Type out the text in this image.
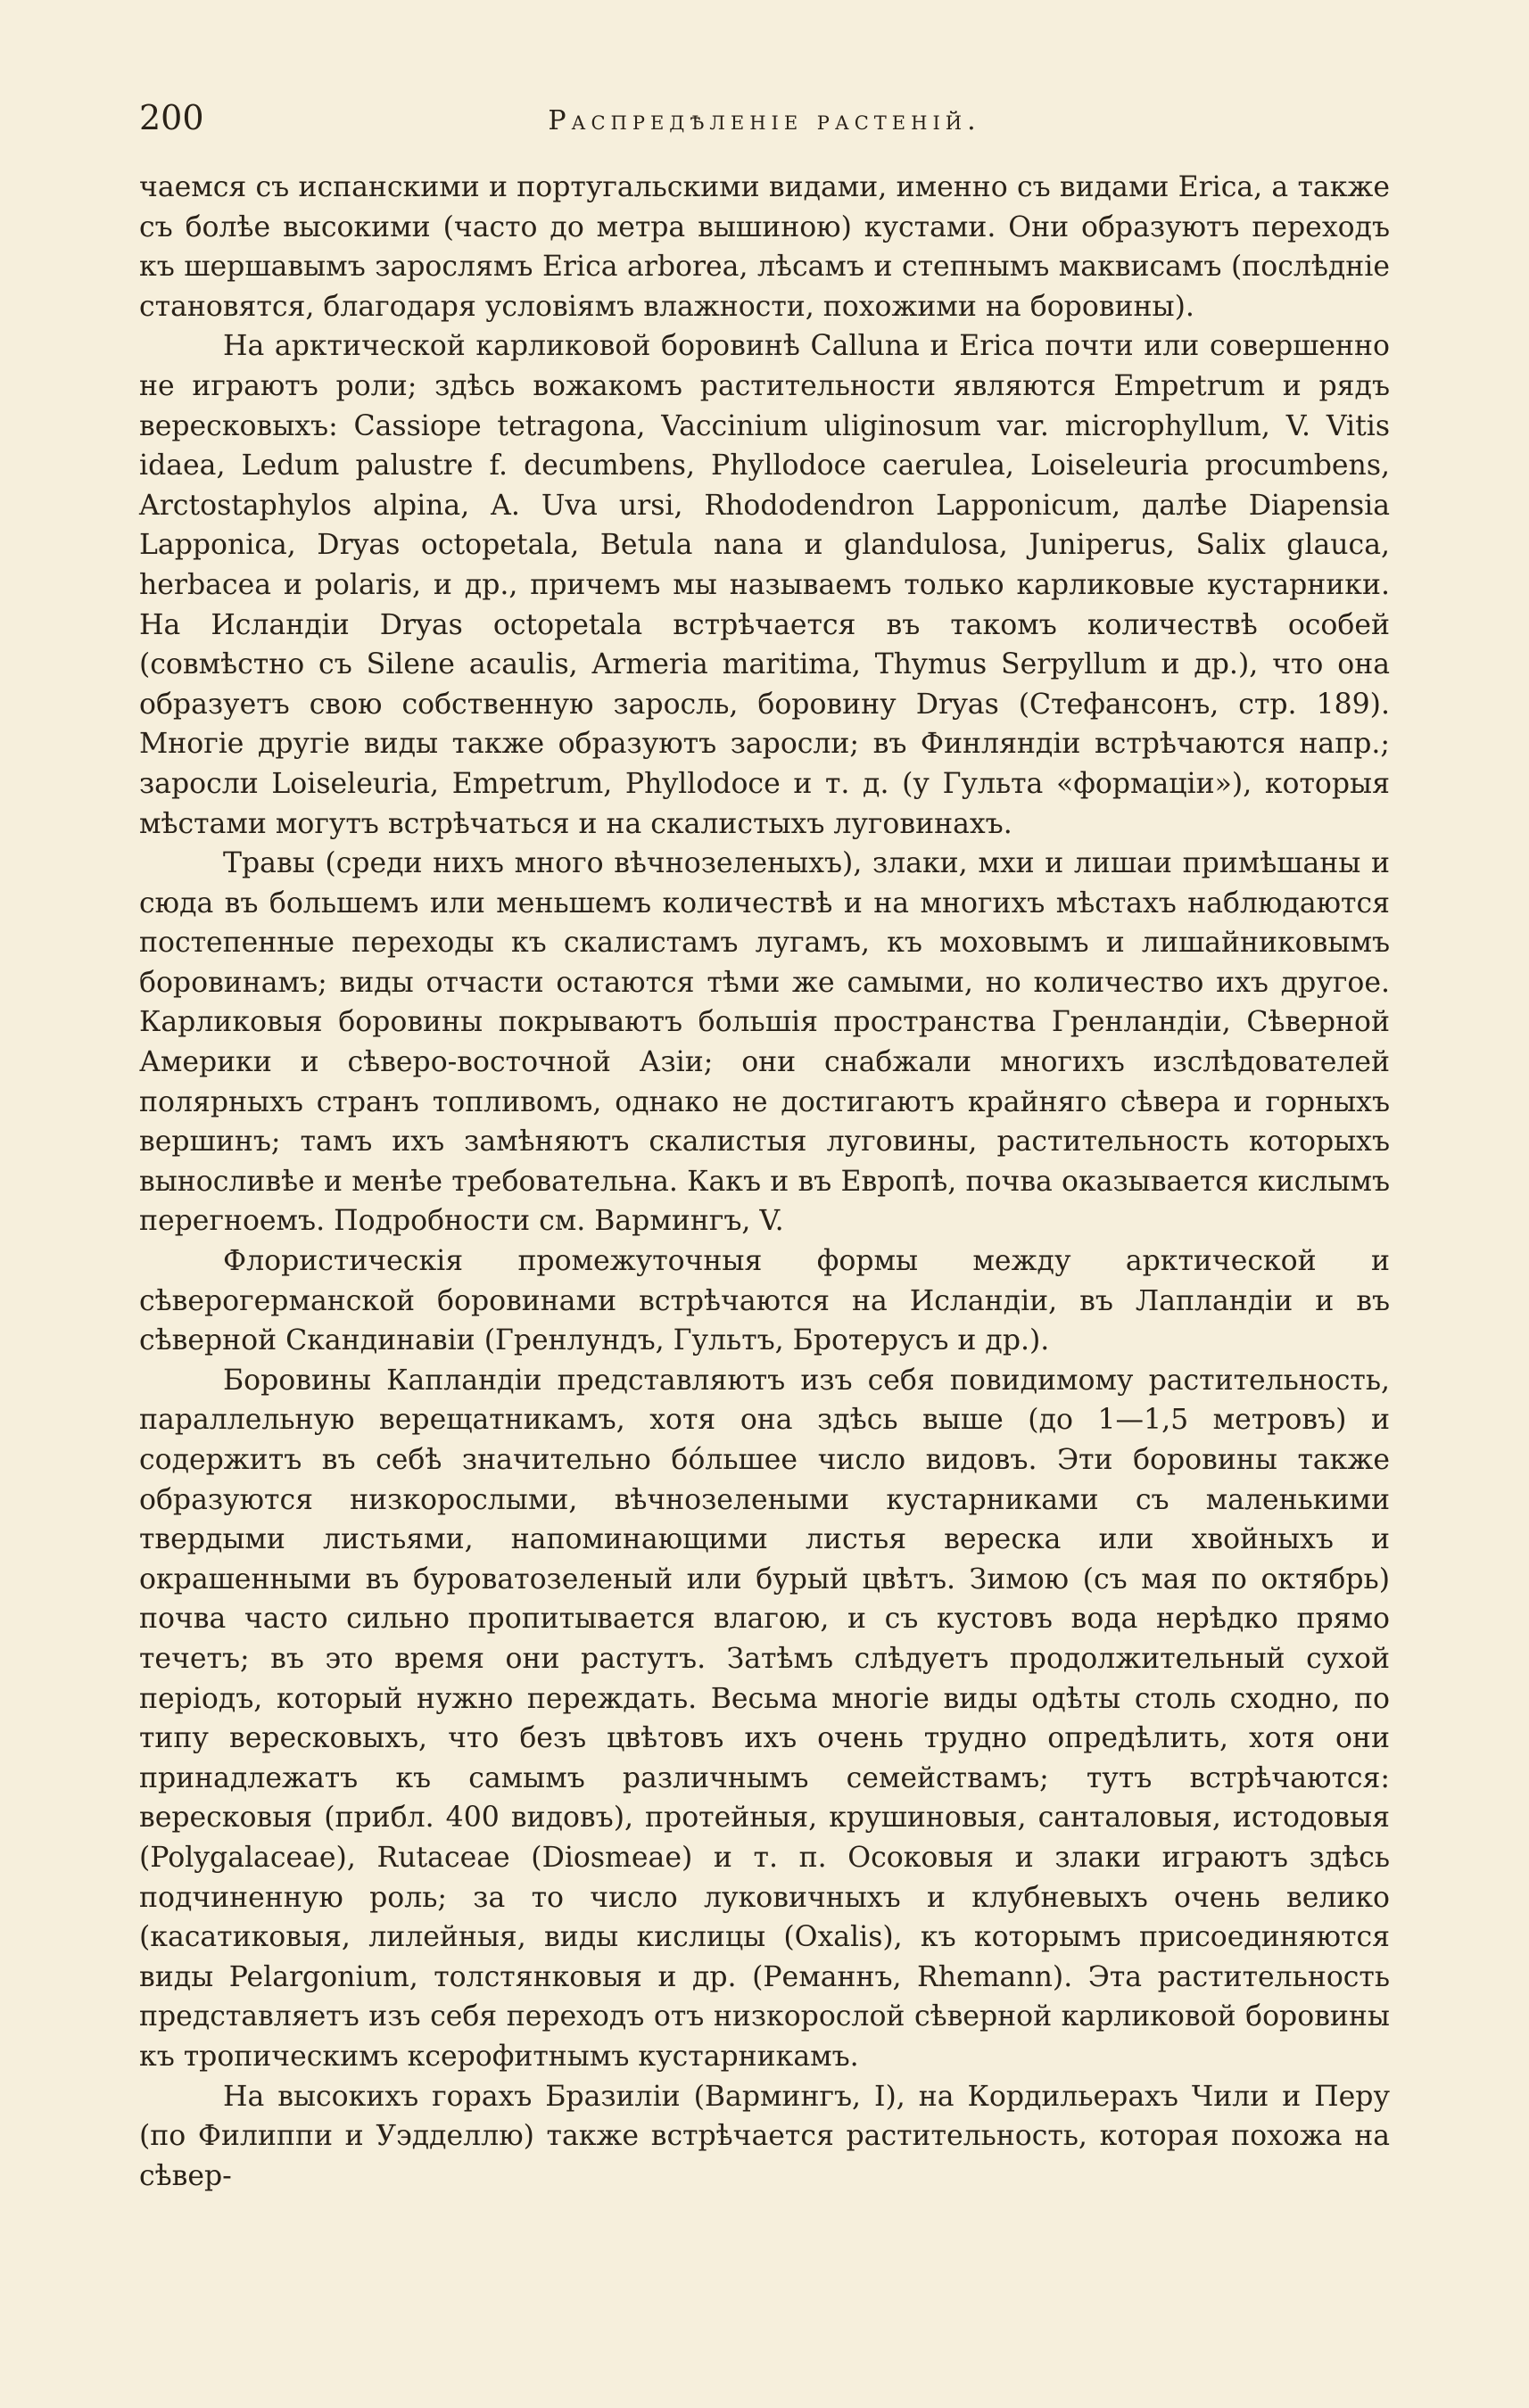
200	Распредѣленіе растеній.

чаемся съ испанскими и португальскими видами, именно съ видами Erica, а также съ болѣе высокими (часто до метра вышиною) кустами. Они образуютъ переходъ къ шершавымъ зарослямъ Erica arborea, лѣсамъ и степнымъ маквисамъ (послѣдніе становятся, благодаря условіямъ влажности, похожими на боровины).

На арктической карликовой боровинѣ Calluna и Erica почти или совершенно не играютъ роли; здѣсь вожакомъ растительности являются Empetrum и рядъ вересковыхъ: Cassiope tetragona, Vaccinium uliginosum var. microphyllum, V. Vitis idaea, Ledum palustre f. decumbens, Phyllodoce caerulea, Loiseleuria procumbens, Arctostaphylos alpina, A. Uva ursi, Rhododendron Lapponicum, далѣе Diapensia Lapponica, Dryas octopetala, Betula nana и glandulosa, Juniperus, Salix glauca, herbacea и polaris, и др., причемъ мы называемъ только карликовые кустарники. На Исландіи Dryas octopetala встрѣчается въ такомъ количествѣ особей (совмѣстно съ Silene acaulis, Armeria maritima, Thymus Serpyllum и др.), что она образуетъ свою собственную заросль, боровину Dryas (Стефансонъ, стр. 189). Многіе другіе виды также образуютъ заросли; въ Финляндіи встрѣчаются напр.; заросли Loiseleuria, Empetrum, Phyllodoce и т. д. (у Гульта «формаціи»), которыя мѣстами могутъ встрѣчаться и на скалистыхъ луговинахъ.

Травы (среди нихъ много вѣчнозеленыхъ), злаки, мхи и лишаи примѣшаны и сюда въ большемъ или меньшемъ количествѣ и на многихъ мѣстахъ наблюдаются постепенные переходы къ скалистамъ лугамъ, къ моховымъ и лишайниковымъ боровинамъ; виды отчасти остаются тѣми же самыми, но количество ихъ другое. Карликовыя боровины покрываютъ большія пространства Гренландіи, Сѣверной Америки и сѣверо-восточной Азіи; они снабжали многихъ изслѣдователей полярныхъ странъ топливомъ, однако не достигаютъ крайняго сѣвера и горныхъ вершинъ; тамъ ихъ замѣняютъ скалистыя луговины, растительность которыхъ выносливѣе и менѣе требовательна. Какъ и въ Европѣ, почва оказывается кислымъ перегноемъ. Подробности см. Вармингъ, V.

Флористическія промежуточныя формы между арктической и сѣверогерманской боровинами встрѣчаются на Исландіи, въ Лапландіи и въ сѣверной Скандинавіи (Гренлундъ, Гультъ, Бротерусъ и др.).

Боровины Капландіи представляютъ изъ себя повидимому растительность, параллельную верещатникамъ, хотя она здѣсь выше (до 1—1,5 метровъ) и содержитъ въ себѣ значительно бо́льшее число видовъ. Эти боровины также образуются низкорослыми, вѣчнозелеными кустарниками съ маленькими твердыми листьями, напоминающими листья вереска или хвойныхъ и окрашенными въ буроватозеленый или бурый цвѣтъ. Зимою (съ мая по октябрь) почва часто сильно пропитывается влагою, и съ кустовъ вода нерѣдко прямо течетъ; въ это время они растутъ. Затѣмъ слѣдуетъ продолжительный сухой періодъ, который нужно переждать. Весьма многіе виды одѣты столь сходно, по типу вересковыхъ, что безъ цвѣтовъ ихъ очень трудно опредѣлить, хотя они принадлежатъ къ самымъ различнымъ семействамъ; тутъ встрѣчаются: вересковыя (прибл. 400 видовъ), протейныя, крушиновыя, санталовыя, истодовыя (Polygalaceae), Rutaceae (Diosmeae) и т. п. Осоковыя и злаки играютъ здѣсь подчиненную роль; за то число луковичныхъ и клубневыхъ очень велико (касатиковыя, лилейныя, виды кислицы (Oxalis), къ которымъ присоединяются виды Pelargonium, толстянковыя и др. (Реманнъ, Rhemann). Эта растительность представляетъ изъ себя переходъ отъ низкорослой сѣверной карликовой боровины къ тропическимъ ксерофитнымъ кустарникамъ.

На высокихъ горахъ Бразиліи (Вармингъ, I), на Кордильерахъ Чили и Перу (по Филиппи и Уэдделлю) также встрѣчается растительность, которая похожа на сѣвер-
